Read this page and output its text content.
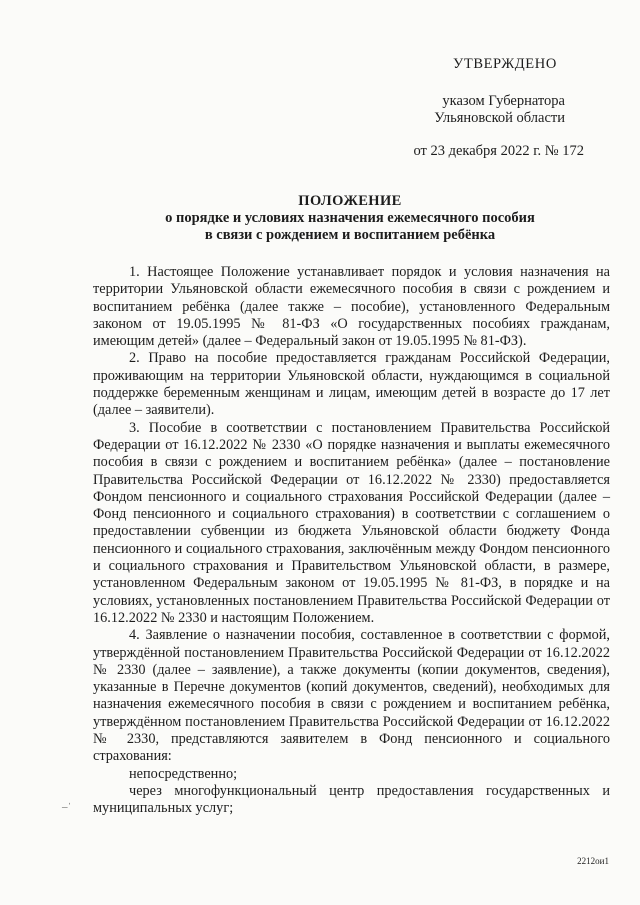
УТВЕРЖДЕНО
указом Губернатора
Ульяновской области
от 23 декабря 2022 г. № 172
ПОЛОЖЕНИЕ
о порядке и условиях назначения ежемесячного пособия
в связи с рождением и воспитанием ребёнка

1. Настоящее Положение устанавливает порядок и условия назначения на территории Ульяновской области ежемесячного пособия в связи с рождением и воспитанием ребёнка (далее также – пособие), установленного Федеральным законом от 19.05.1995 № 81-ФЗ «О государственных пособиях гражданам, имеющим детей» (далее – Федеральный закон от 19.05.1995 № 81-ФЗ).

2. Право на пособие предоставляется гражданам Российской Федерации, проживающим на территории Ульяновской области, нуждающимся в социальной поддержке беременным женщинам и лицам, имеющим детей в возрасте до 17 лет (далее – заявители).

3. Пособие в соответствии с постановлением Правительства Российской Федерации от 16.12.2022 № 2330 «О порядке назначения и выплаты ежемесячного пособия в связи с рождением и воспитанием ребёнка» (далее – постановление Правительства Российской Федерации от 16.12.2022 № 2330) предоставляется Фондом пенсионного и социального страхования Российской Федерации (далее – Фонд пенсионного и социального страхования) в соответствии с соглашением о предоставлении субвенции из бюджета Ульяновской области бюджету Фонда пенсионного и социального страхования, заключённым между Фондом пенсионного и социального страхования и Правительством Ульяновской области, в размере, установленном Федеральным законом от 19.05.1995 № 81-ФЗ, в порядке и на условиях, установленных постановлением Правительства Российской Федерации от 16.12.2022 № 2330 и настоящим Положением.

4. Заявление о назначении пособия, составленное в соответствии с формой, утверждённой постановлением Правительства Российской Федерации от 16.12.2022 № 2330 (далее – заявление), а также документы (копии документов, сведения), указанные в Перечне документов (копий документов, сведений), необходимых для назначения ежемесячного пособия в связи с рождением и воспитанием ребёнка, утверждённом постановлением Правительства Российской Федерации от 16.12.2022 № 2330, представляются заявителем в Фонд пенсионного и социального страхования:

непосредственно;

через многофункциональный центр предоставления государственных и муниципальных услуг;

–ˈ
2212ои1
